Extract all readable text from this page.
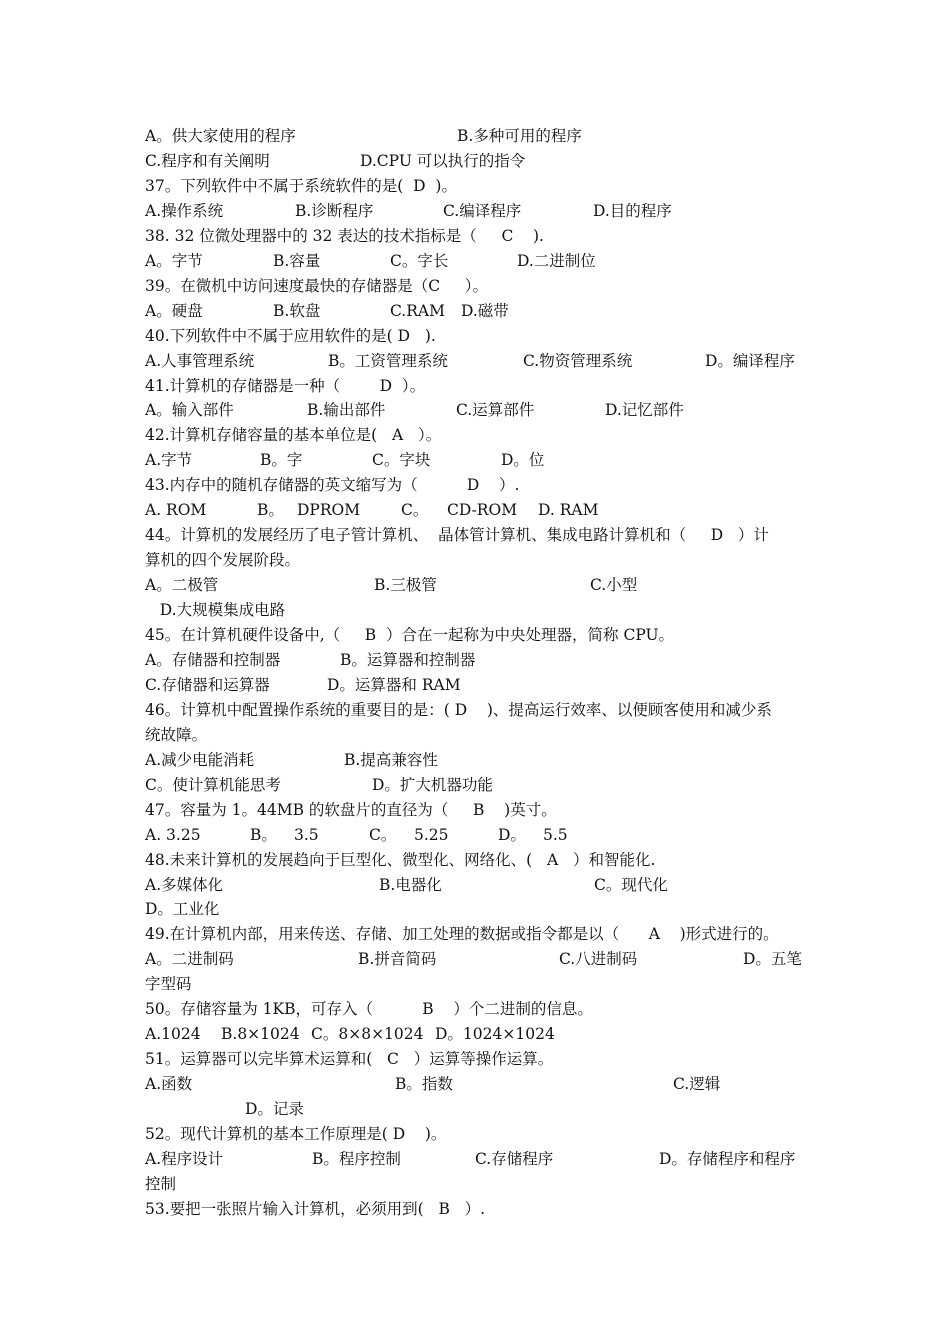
A。供大家使用的程序	B.多种可用的程序
C.程序和有关阐明	D.CPU 可以执行的指令
37。下列软件中不属于系统软件的是(  D  )。
A.操作系统	B.诊断程序	C.编译程序	D.目的程序
38. 32 位微处理器中的 32 表达的技术指标是（     C    ).
A。字节	B.容量	C。字长	D.二进制位
39。在微机中访问速度最快的存储器是（C     ）。
A。硬盘	B.软盘	C.RAM D.磁带
40.下列软件中不属于应用软件的是( D   ).
A.人事管理系统	B。工资管理系统	C.物资管理系统	D。编译程序
41.计算机的存储器是一种（        D  ）。
A。输入部件	B.输出部件	C.运算部件	D.记忆部件
42.计算机存储容量的基本单位是(   A   ）。
A.字节	B。字	C。字块	D。位
43.内存中的随机存储器的英文缩写为（          D    ）.
A. ROM	B。 DPROM	C。 CD-ROM D. RAM
44。计算机的发展经历了电子管计算机、  晶体管计算机、集成电路计算机和（     D   ）计
算机的四个发展阶段。
A。二极管	B.三极管	C.小型
D.大规模集成电路
45。在计算机硬件设备中,（     B  ）合在一起称为中央处理器，简称 CPU。
A。存储器和控制器	B。运算器和控制器
C.存储器和运算器	D。运算器和 RAM
46。计算机中配置操作系统的重要目的是：( D    )、提高运行效率、以便顾客使用和减少系
统故障。
A.减少电能消耗	B.提高兼容性
C。使计算机能思考	D。扩大机器功能
47。容量为 1。44MB 的软盘片的直径为（     B    )英寸。
A. 3.25	B。 3.5	C。 5.25	D。 5.5
48.未来计算机的发展趋向于巨型化、微型化、网络化、(   A   ）和智能化.
A.多媒体化	B.电器化	C。现代化
D。工业化
49.在计算机内部，用来传送、存储、加工处理的数据或指令都是以（      A    )形式进行的。
A。二进制码	B.拼音简码	C.八进制码	D。五笔
字型码
50。存储容量为 1KB，可存入（          B    ）个二进制的信息。
A.1024 B.8×1024 C。8×8×1024 D。1024×1024
51。运算器可以完毕算术运算和(   C   ）运算等操作运算。
A.函数	B。指数	C.逻辑
D。记录
52。现代计算机的基本工作原理是( D    )。
A.程序设计	B。程序控制	C.存储程序	D。存储程序和程序
控制
53.要把一张照片输入计算机，必须用到(   B   ）.
